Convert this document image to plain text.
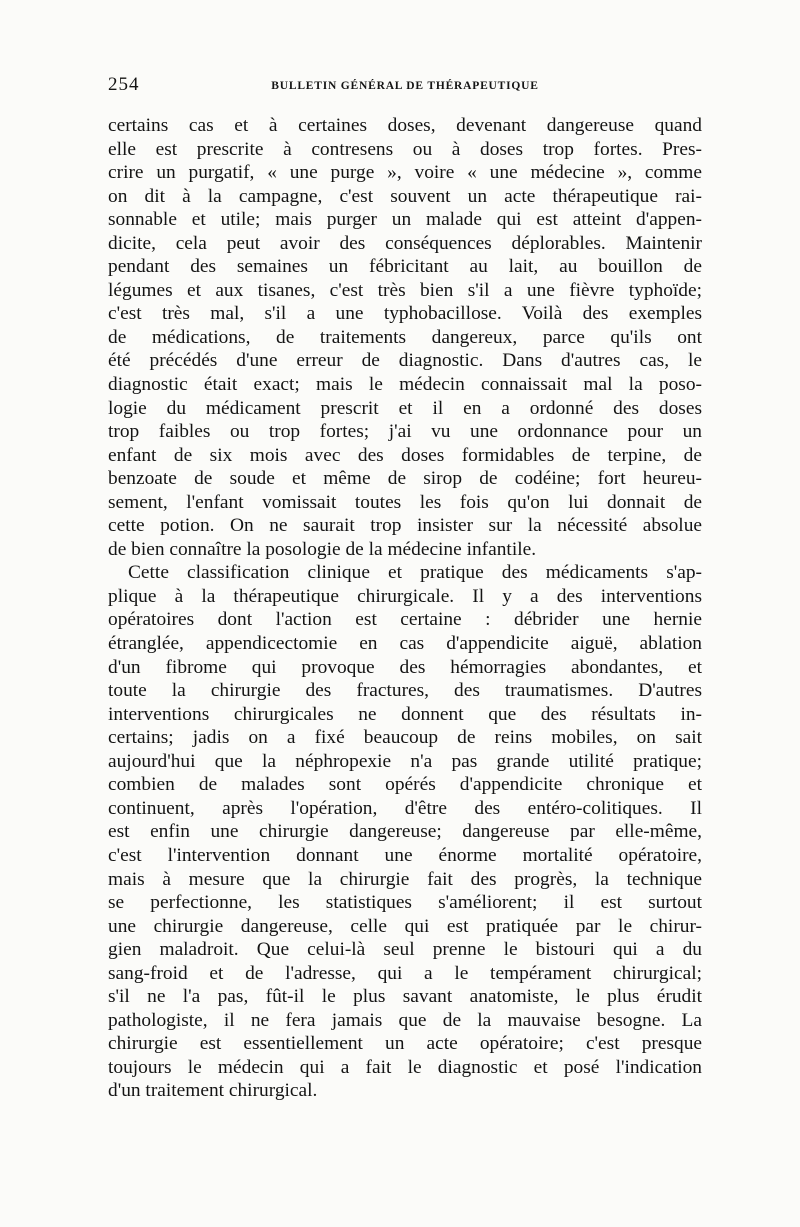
254	BULLETIN GÉNÉRAL DE THÉRAPEUTIQUE

certains cas et à certaines doses, devenant dangereuse quand
elle est prescrite à contresens ou à doses trop fortes. Pres-
crire un purgatif, « une purge », voire « une médecine », comme
on dit à la campagne, c'est souvent un acte thérapeutique rai-
sonnable et utile; mais purger un malade qui est atteint d'appen-
dicite, cela peut avoir des conséquences déplorables. Maintenir
pendant des semaines un fébricitant au lait, au bouillon de
légumes et aux tisanes, c'est très bien s'il a une fièvre typhoïde;
c'est très mal, s'il a une typhobacillose. Voilà des exemples
de médications, de traitements dangereux, parce qu'ils ont
été précédés d'une erreur de diagnostic. Dans d'autres cas, le
diagnostic était exact; mais le médecin connaissait mal la poso-
logie du médicament prescrit et il en a ordonné des doses
trop faibles ou trop fortes; j'ai vu une ordonnance pour un
enfant de six mois avec des doses formidables de terpine, de
benzoate de soude et même de sirop de codéine; fort heureu-
sement, l'enfant vomissait toutes les fois qu'on lui donnait de
cette potion. On ne saurait trop insister sur la nécessité absolue
de bien connaître la posologie de la médecine infantile.

Cette classification clinique et pratique des médicaments s'ap-
plique à la thérapeutique chirurgicale. Il y a des interventions
opératoires dont l'action est certaine : débrider une hernie
étranglée, appendicectomie en cas d'appendicite aiguë, ablation
d'un fibrome qui provoque des hémorragies abondantes, et
toute la chirurgie des fractures, des traumatismes. D'autres
interventions chirurgicales ne donnent que des résultats in-
certains; jadis on a fixé beaucoup de reins mobiles, on sait
aujourd'hui que la néphropexie n'a pas grande utilité pratique;
combien de malades sont opérés d'appendicite chronique et
continuent, après l'opération, d'être des entéro-colitiques. Il
est enfin une chirurgie dangereuse; dangereuse par elle-même,
c'est l'intervention donnant une énorme mortalité opératoire,
mais à mesure que la chirurgie fait des progrès, la technique
se perfectionne, les statistiques s'améliorent; il est surtout
une chirurgie dangereuse, celle qui est pratiquée par le chirur-
gien maladroit. Que celui-là seul prenne le bistouri qui a du
sang-froid et de l'adresse, qui a le tempérament chirurgical;
s'il ne l'a pas, fût-il le plus savant anatomiste, le plus érudit
pathologiste, il ne fera jamais que de la mauvaise besogne. La
chirurgie est essentiellement un acte opératoire; c'est presque
toujours le médecin qui a fait le diagnostic et posé l'indication
d'un traitement chirurgical.
